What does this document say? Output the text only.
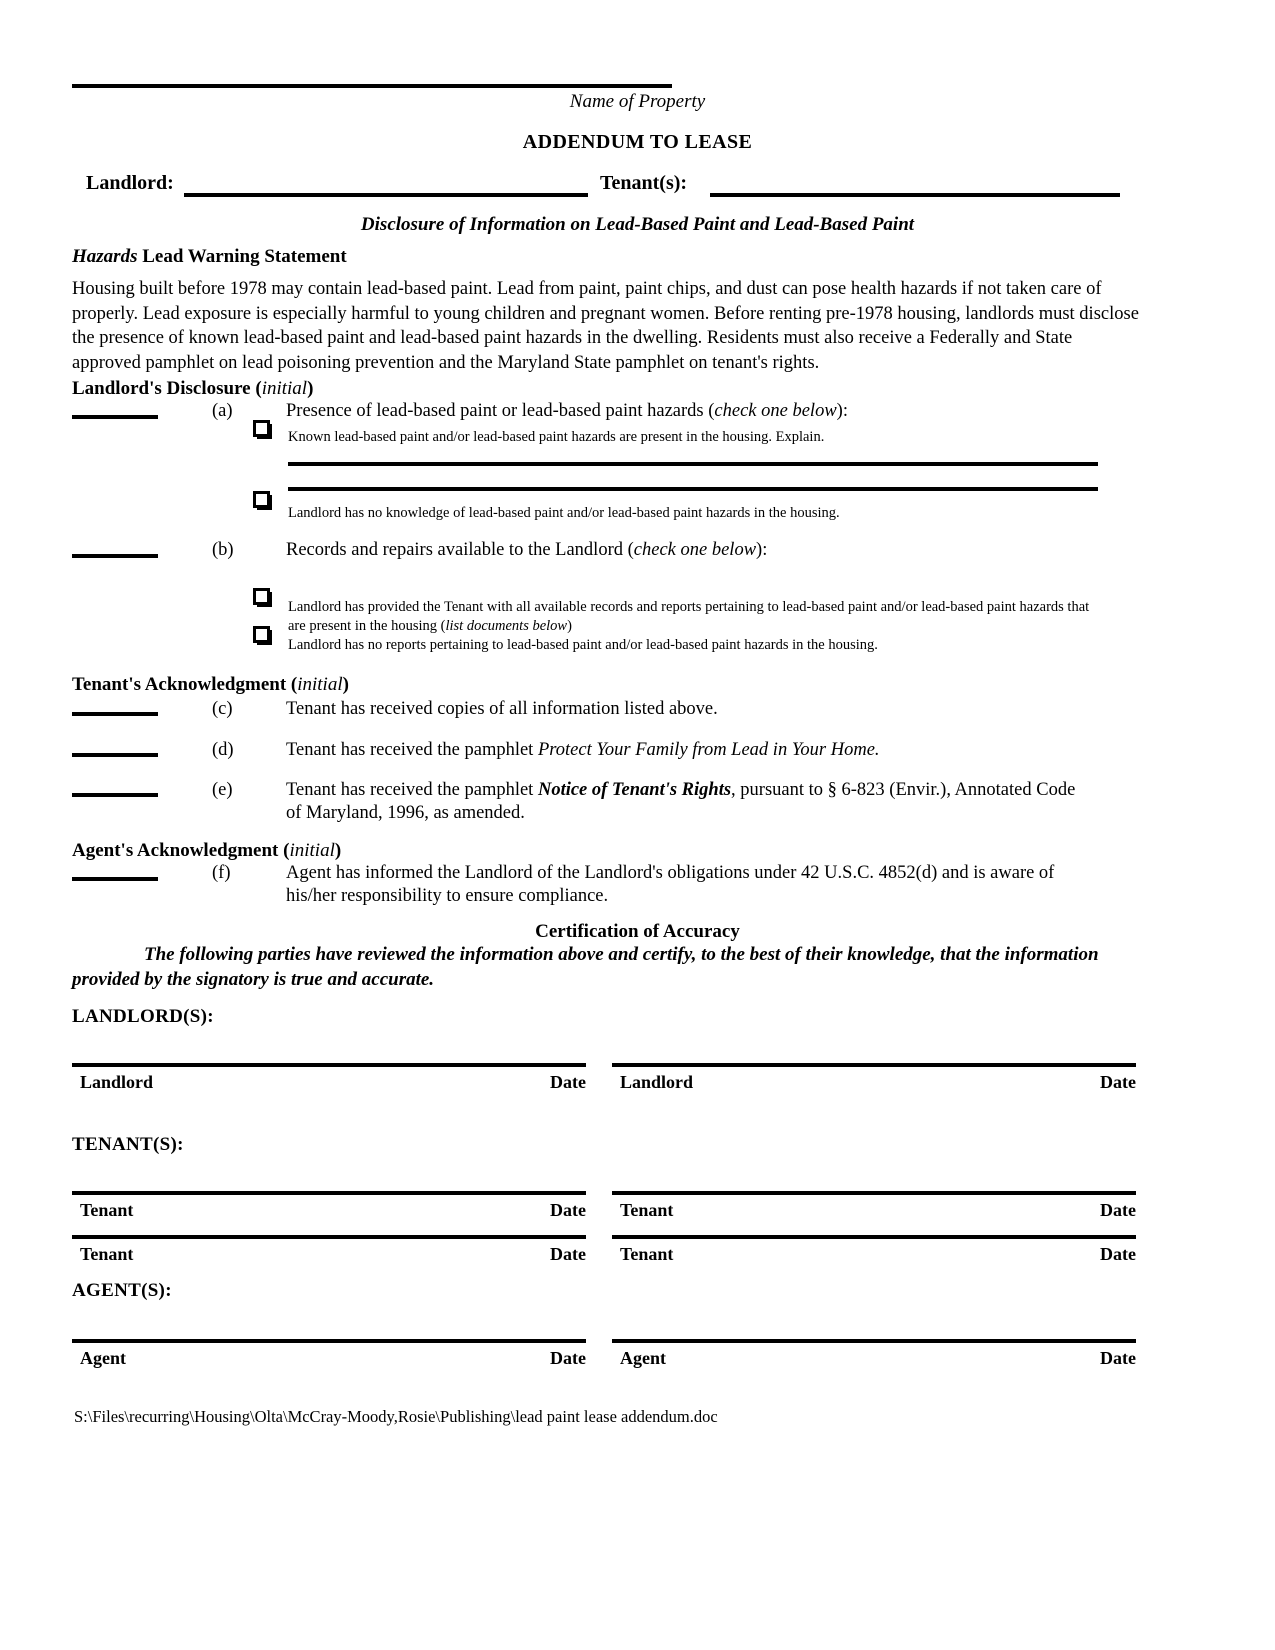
Name of Property
ADDENDUM TO LEASE
Landlord:	Tenant(s):
Disclosure of Information on Lead-Based Paint and Lead-Based Paint
Hazards Lead Warning Statement
Housing built before 1978 may contain lead-based paint. Lead from paint, paint chips, and dust can pose health hazards if not taken care of properly. Lead exposure is especially harmful to young children and pregnant women. Before renting pre-1978 housing, landlords must disclose the presence of known lead-based paint and lead-based paint hazards in the dwelling. Residents must also receive a Federally and State approved pamphlet on lead poisoning prevention and the Maryland State pamphlet on tenant's rights.
Landlord's Disclosure (initial)
(a)	Presence of lead-based paint or lead-based paint hazards (check one below):
Known lead-based paint and/or lead-based paint hazards are present in the housing. Explain.
Landlord has no knowledge of lead-based paint and/or lead-based paint hazards in the housing.
(b)	Records and repairs available to the Landlord (check one below):
Landlord has provided the Tenant with all available records and reports pertaining to lead-based paint and/or lead-based paint hazards that are present in the housing (list documents below)
Landlord has no reports pertaining to lead-based paint and/or lead-based paint hazards in the housing.
Tenant's Acknowledgment (initial)
(c)	Tenant has received copies of all information listed above.
(d)	Tenant has received the pamphlet Protect Your Family from Lead in Your Home.
(e)	Tenant has received the pamphlet Notice of Tenant's Rights, pursuant to § 6-823 (Envir.), Annotated Code of Maryland, 1996, as amended.
Agent's Acknowledgment (initial)
(f)	Agent has informed the Landlord of the Landlord's obligations under 42 U.S.C. 4852(d) and is aware of his/her responsibility to ensure compliance.
Certification of Accuracy
The following parties have reviewed the information above and certify, to the best of their knowledge, that the information provided by the signatory is true and accurate.
LANDLORD(S):
Landlord	Date Landlord	Date
TENANT(S):
Tenant	Date Tenant	Date
Tenant	Date Tenant	Date
AGENT(S):
Agent	Date Agent	Date
S:\Files\recurring\Housing\Olta\McCray-Moody,Rosie\Publishing\lead paint lease addendum.doc
